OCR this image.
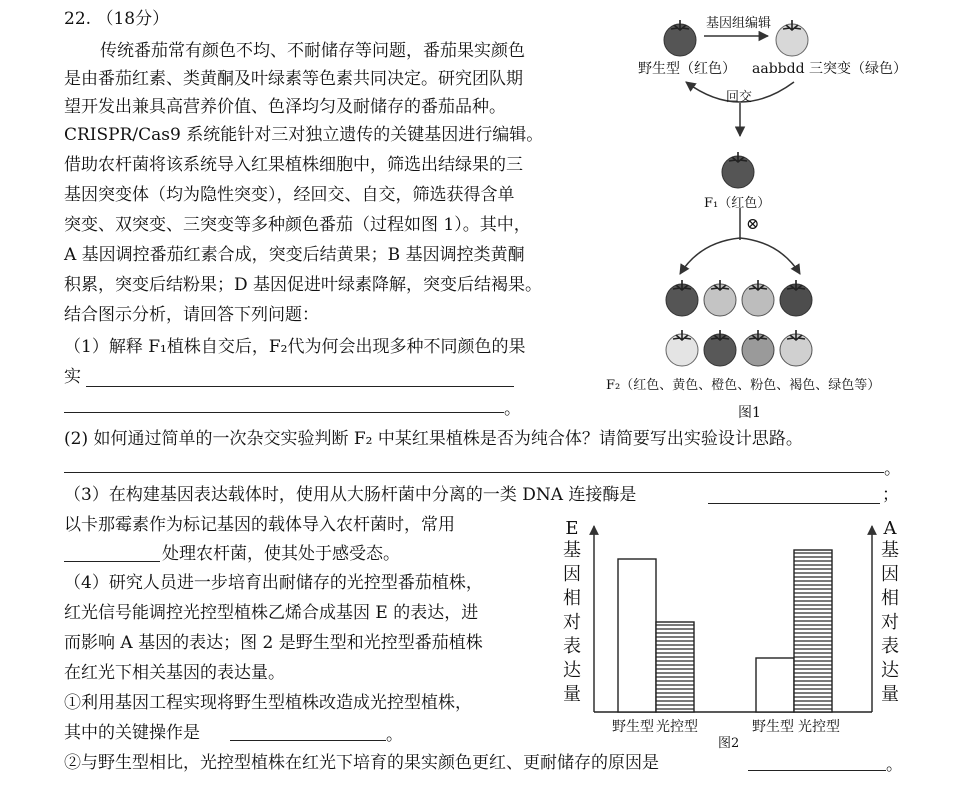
22. （18分）
传统番茄常有颜色不均、不耐储存等问题，番茄果实颜色
是由番茄红素、类黄酮及叶绿素等色素共同决定。研究团队期
望开发出兼具高营养价值、色泽均匀及耐储存的番茄品种。
CRISPR/Cas9 系统能针对三对独立遗传的关键基因进行编辑。
借助农杆菌将该系统导入红果植株细胞中，筛选出结绿果的三
基因突变体（均为隐性突变），经回交、自交，筛选获得含单
突变、双突变、三突变等多种颜色番茄（过程如图 1）。其中，
A 基因调控番茄红素合成，突变后结黄果；B 基因调控类黄酮
积累，突变后结粉果；D 基因促进叶绿素降解，突变后结褐果。
结合图示分析，请回答下列问题：
（1）解释 F₁植株自交后，F₂代为何会出现多种不同颜色的果
实
。
(2) 如何通过简单的一次杂交实验判断 F₂ 中某红果植株是否为纯合体？请简要写出实验设计思路。
。
（3）在构建基因表达载体时，使用从大肠杆菌中分离的一类 DNA 连接酶是	；
以卡那霉素作为标记基因的载体导入农杆菌时，常用
处理农杆菌，使其处于感受态。
（4）研究人员进一步培育出耐储存的光控型番茄植株，
红光信号能调控光控型植株乙烯合成基因 E 的表达，进
而影响 A 基因的表达；图 2 是野生型和光控型番茄植株
在红光下相关基因的表达量。
①利用基因工程实现将野生型植株改造成光控型植株，
其中的关键操作是	。
②与野生型相比，光控型植株在红光下培育的果实颜色更红、更耐储存的原因是	。
基因组编辑
野生型（红色） aabbdd 三突变（绿色）
回交
F₁（红色）
⊗
F₂（红色、黄色、橙色、粉色、褐色、绿色等）
图1
E
基
因
相
对
表
达
量
A
基
因
相
对
表
达
量
野生型 光控型	野生型 光控型
图2
